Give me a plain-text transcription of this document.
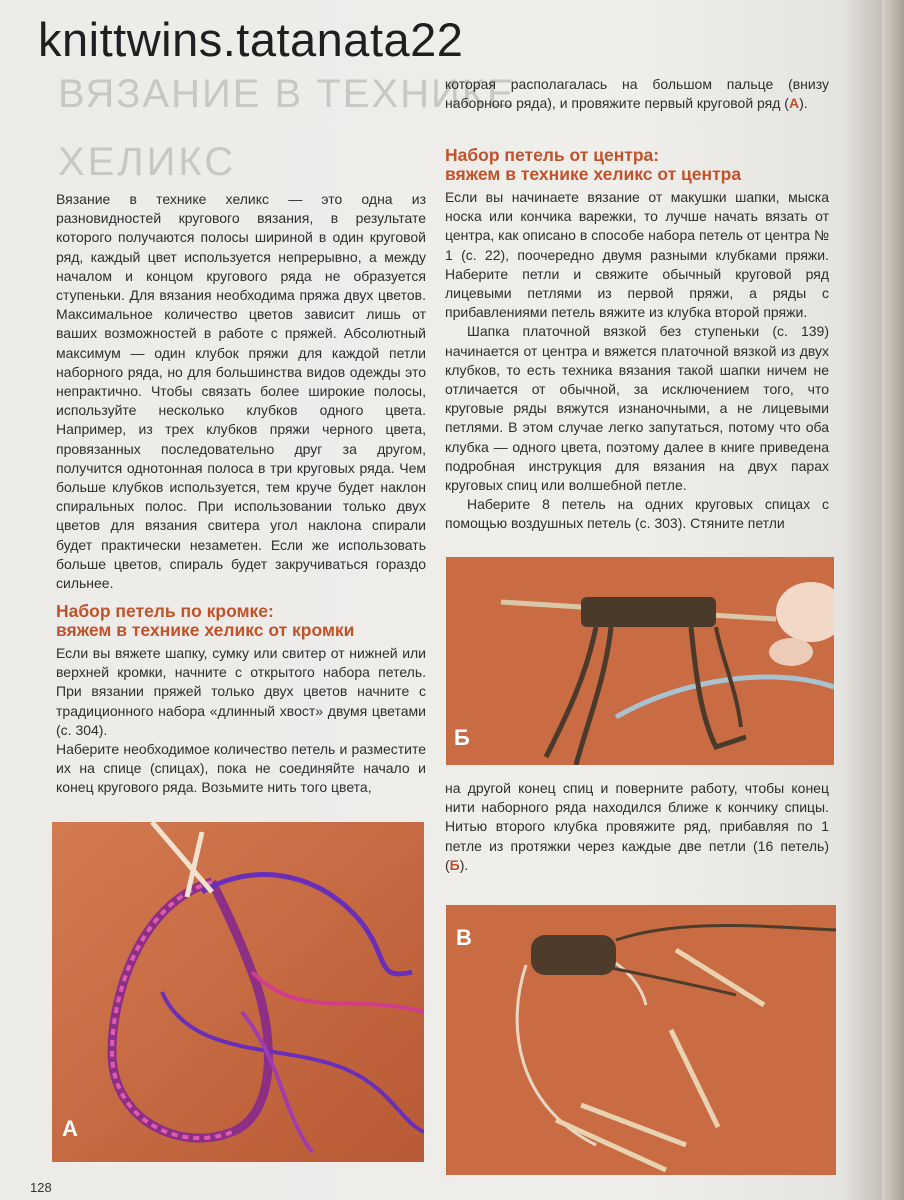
knittwins.tatanata22
ВЯЗАНИЕ В ТЕХНИКЕ
ХЕЛИКС

Вязание в технике хеликс — это одна из разновидностей кругового вязания, в результате которого получаются полосы шириной в один круговой ряд, каждый цвет используется непрерывно, а между началом и концом кругового ряда не образуется ступеньки. Для вязания необходима пряжа двух цветов. Максимальное количество цветов зависит лишь от ваших возможностей в работе с пряжей. Абсолютный максимум — один клубок пряжи для каждой петли наборного ряда, но для большинства видов одежды это непрактично. Чтобы связать более широкие полосы, используйте несколько клубков одного цвета. Например, из трех клубков пряжи черного цвета, провязанных последовательно друг за другом, получится однотонная полоса в три круговых ряда. Чем больше клубков используется, тем круче будет наклон спиральных полос. При использовании только двух цветов для вязания свитера угол наклона спирали будет практически незаметен. Если же использовать больше цветов, спираль будет закручиваться гораздо сильнее.

Набор петель по кромке:
вяжем в технике хеликс от кромки

Если вы вяжете шапку, сумку или свитер от нижней или верхней кромки, начните с открытого набора петель. При вязании пряжей только двух цветов начните с традиционного набора «длинный хвост» двумя цветами (с. 304).

Наберите необходимое количество петель и разместите их на спице (спицах), пока не соединяйте начало и конец кругового ряда. Возьмите нить того цвета,

А

которая располагалась на большом пальце (внизу наборного ряда), и провяжите первый круговой ряд (А).

Набор петель от центра:
вяжем в технике хеликс от центра

Если вы начинаете вязание от макушки шапки, мыска носка или кончика варежки, то лучше начать вязать от центра, как описано в способе набора петель от центра № 1 (с. 22), поочередно двумя разными клубками пряжи. Наберите петли и свяжите обычный круговой ряд лицевыми петлями из первой пряжи, а ряды с прибавлениями петель вяжите из клубка второй пряжи.

Шапка платочной вязкой без ступеньки (с. 139) начинается от центра и вяжется платочной вязкой из двух клубков, то есть техника вязания такой шапки ничем не отличается от обычной, за исключением того, что круговые ряды вяжутся изнаночными, а не лицевыми петлями. В этом случае легко запутаться, потому что оба клубка — одного цвета, поэтому далее в книге приведена подробная инструкция для вязания на двух парах круговых спиц или волшебной петле.

Наберите 8 петель на одних круговых спицах с помощью воздушных петель (с. 303). Стяните петли

Б

на другой конец спиц и поверните работу, чтобы конец нити наборного ряда находился ближе к кончику спицы. Нитью второго клубка провяжите ряд, прибавляя по 1 петле из протяжки через каждые две петли (16 петель) (Б).

В
128
